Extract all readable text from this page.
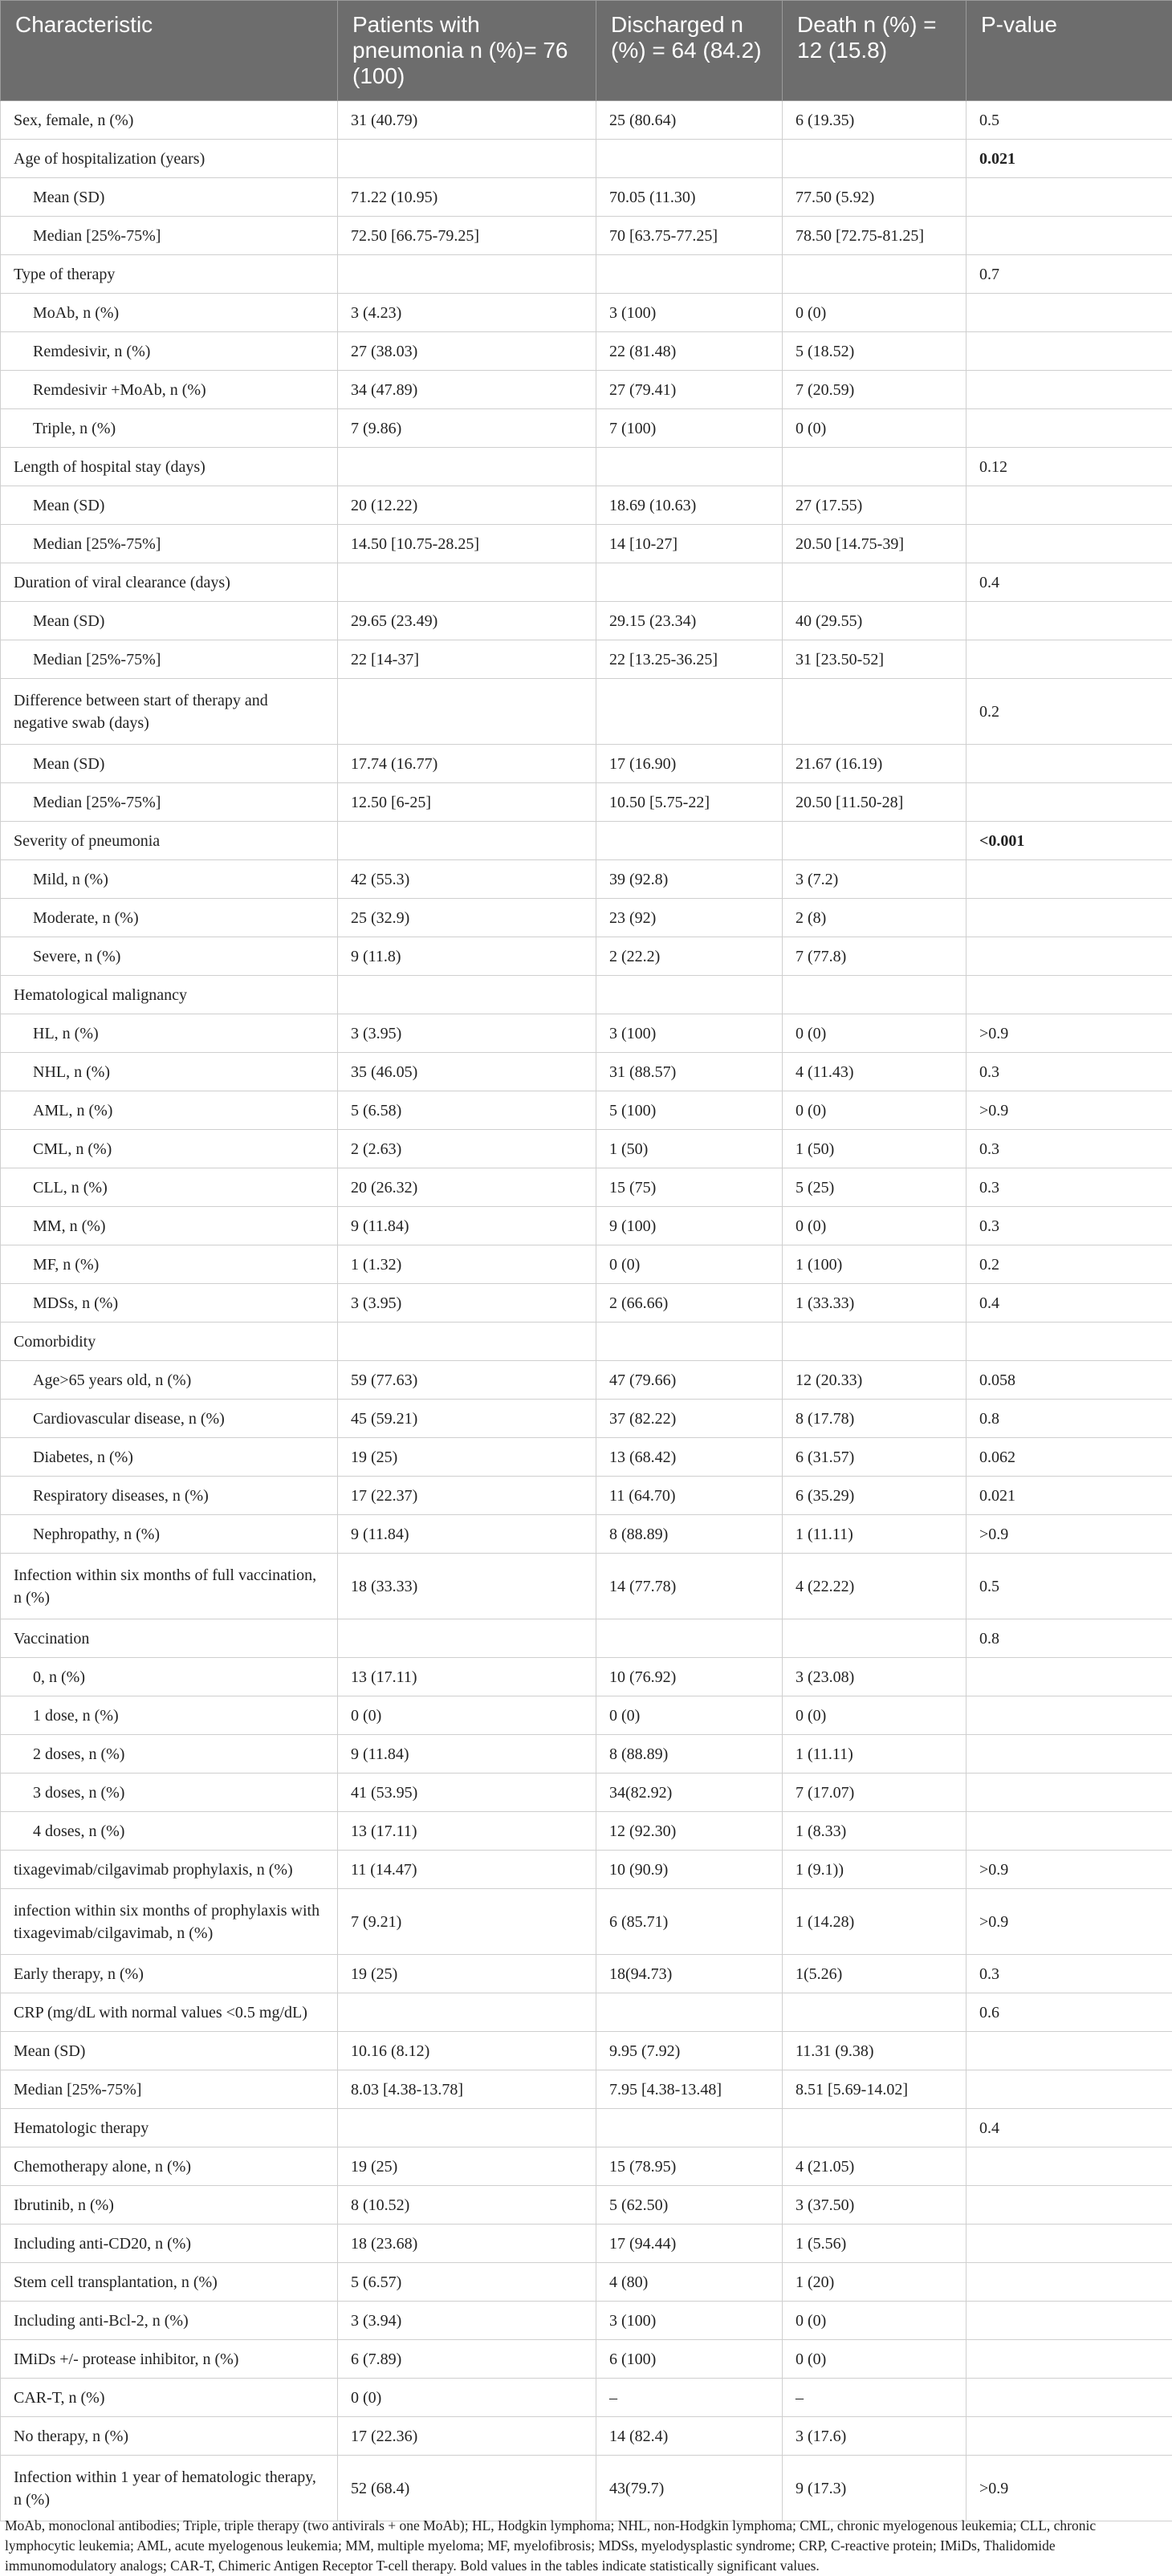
Characteristic	Patients with pneumonia n (%)= 76 (100)	Discharged n (%) = 64 (84.2)	Death n (%) = 12 (15.8)	P-value
Sex, female, n (%)	31 (40.79)	25 (80.64)	6 (19.35)	0.5
Age of hospitalization (years)				0.021
Mean (SD)	71.22 (10.95)	70.05 (11.30)	77.50 (5.92)	
Median [25%-75%]	72.50 [66.75-79.25]	70 [63.75-77.25]	78.50 [72.75-81.25]	
Type of therapy				0.7
MoAb, n (%)	3 (4.23)	3 (100)	0 (0)	
Remdesivir, n (%)	27 (38.03)	22 (81.48)	5 (18.52)	
Remdesivir +MoAb, n (%)	34 (47.89)	27 (79.41)	7 (20.59)	
Triple, n (%)	7 (9.86)	7 (100)	0 (0)	
Length of hospital stay (days)				0.12
Mean (SD)	20 (12.22)	18.69 (10.63)	27 (17.55)	
Median [25%-75%]	14.50 [10.75-28.25]	14 [10-27]	20.50 [14.75-39]	
Duration of viral clearance (days)				0.4
Mean (SD)	29.65 (23.49)	29.15 (23.34)	40 (29.55)	
Median [25%-75%]	22 [14-37]	22 [13.25-36.25]	31 [23.50-52]	
Difference between start of therapy and negative swab (days)				0.2
Mean (SD)	17.74 (16.77)	17 (16.90)	21.67 (16.19)	
Median [25%-75%]	12.50 [6-25]	10.50 [5.75-22]	20.50 [11.50-28]	
Severity of pneumonia				<0.001
Mild, n (%)	42 (55.3)	39 (92.8)	3 (7.2)	
Moderate, n (%)	25 (32.9)	23 (92)	2 (8)	
Severe, n (%)	9 (11.8)	2 (22.2)	7 (77.8)	
Hematological malignancy				
HL, n (%)	3 (3.95)	3 (100)	0 (0)	>0.9
NHL, n (%)	35 (46.05)	31 (88.57)	4 (11.43)	0.3
AML, n (%)	5 (6.58)	5 (100)	0 (0)	>0.9
CML, n (%)	2 (2.63)	1 (50)	1 (50)	0.3
CLL, n (%)	20 (26.32)	15 (75)	5 (25)	0.3
MM, n (%)	9 (11.84)	9 (100)	0 (0)	0.3
MF, n (%)	1 (1.32)	0 (0)	1 (100)	0.2
MDSs, n (%)	3 (3.95)	2 (66.66)	1 (33.33)	0.4
Comorbidity				
Age>65 years old, n (%)	59 (77.63)	47 (79.66)	12 (20.33)	0.058
Cardiovascular disease, n (%)	45 (59.21)	37 (82.22)	8 (17.78)	0.8
Diabetes, n (%)	19 (25)	13 (68.42)	6 (31.57)	0.062
Respiratory diseases, n (%)	17 (22.37)	11 (64.70)	6 (35.29)	0.021
Nephropathy, n (%)	9 (11.84)	8 (88.89)	1 (11.11)	>0.9
Infection within six months of full vaccination, n (%)	18 (33.33)	14 (77.78)	4 (22.22)	0.5
Vaccination				0.8
0, n (%)	13 (17.11)	10 (76.92)	3 (23.08)	
1 dose, n (%)	0 (0)	0 (0)	0 (0)	
2 doses, n (%)	9 (11.84)	8 (88.89)	1 (11.11)	
3 doses, n (%)	41 (53.95)	34(82.92)	7 (17.07)	
4 doses, n (%)	13 (17.11)	12 (92.30)	1 (8.33)	
tixagevimab/cilgavimab prophylaxis, n (%)	11 (14.47)	10 (90.9)	1 (9.1))	>0.9
infection within six months of prophylaxis with tixagevimab/cilgavimab, n (%)	7 (9.21)	6 (85.71)	1 (14.28)	>0.9
Early therapy, n (%)	19 (25)	18(94.73)	1(5.26)	0.3
CRP (mg/dL with normal values <0.5 mg/dL)				0.6
Mean (SD)	10.16 (8.12)	9.95 (7.92)	11.31 (9.38)	
Median [25%-75%]	8.03 [4.38-13.78]	7.95 [4.38-13.48]	8.51 [5.69-14.02]	
Hematologic therapy				0.4
Chemotherapy alone, n (%)	19 (25)	15 (78.95)	4 (21.05)	
Ibrutinib, n (%)	8 (10.52)	5 (62.50)	3 (37.50)	
Including anti-CD20, n (%)	18 (23.68)	17 (94.44)	1 (5.56)	
Stem cell transplantation, n (%)	5 (6.57)	4 (80)	1 (20)	
Including anti-Bcl-2, n (%)	3 (3.94)	3 (100)	0 (0)	
IMiDs +/- protease inhibitor, n (%)	6 (7.89)	6 (100)	0 (0)	
CAR-T, n (%)	0 (0)	–	–	
No therapy, n (%)	17 (22.36)	14 (82.4)	3 (17.6)	
Infection within 1 year of hematologic therapy, n (%)	52 (68.4)	43(79.7)	9 (17.3)	>0.9
MoAb, monoclonal antibodies; Triple, triple therapy (two antivirals + one MoAb); HL, Hodgkin lymphoma; NHL, non-Hodgkin lymphoma; CML, chronic myelogenous leukemia; CLL, chronic lymphocytic leukemia; AML, acute myelogenous leukemia; MM, multiple myeloma; MF, myelofibrosis; MDSs, myelodysplastic syndrome; CRP, C-reactive protein; IMiDs, Thalidomide immunomodulatory analogs; CAR-T, Chimeric Antigen Receptor T-cell therapy. Bold values in the tables indicate statistically significant values.
